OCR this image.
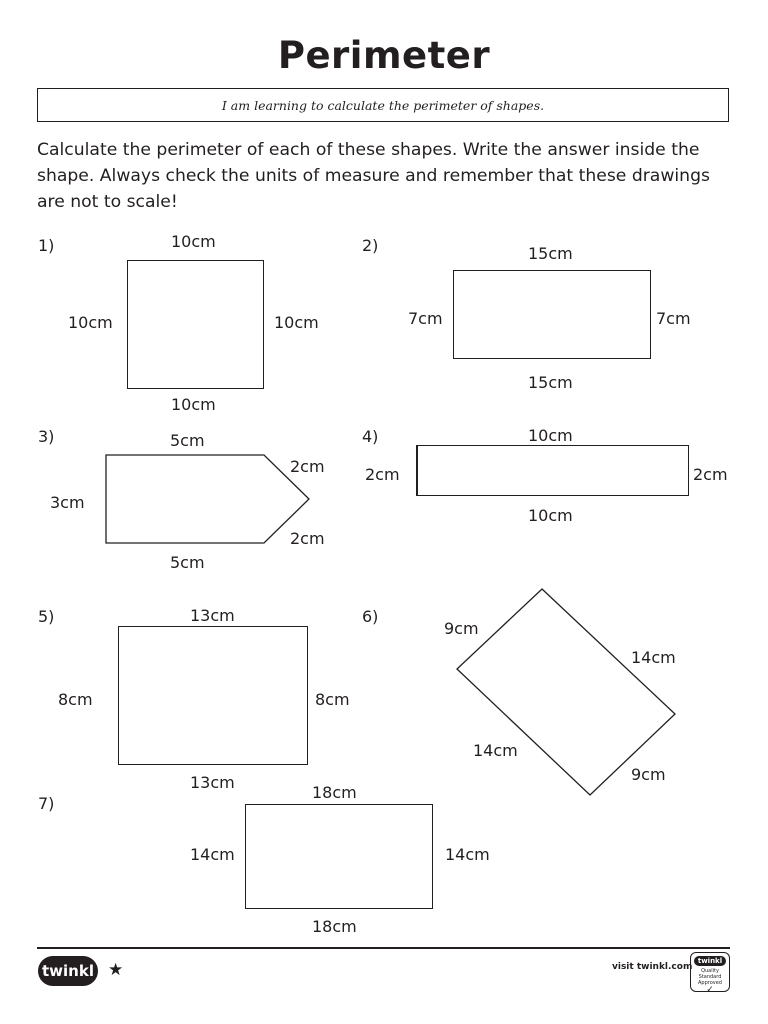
Perimeter
I am learning to calculate the perimeter of shapes.
Calculate the perimeter of each of these shapes. Write the answer inside the shape. Always check the units of measure and remember that these drawings are not to scale!
1)	10cm
10cm
10cm	10cm
2)	15cm
15cm
7cm	7cm
3)	5cm
5cm
3cm
2cm
2cm
4)	10cm
10cm
2cm	2cm
5)	13cm
13cm
8cm	8cm
6)
9cm
14cm
14cm
9cm
7)
18cm
18cm
14cm	14cm
twinkl ★	visit twinkl.com
twinkl
Quality Standard Approved
✓
